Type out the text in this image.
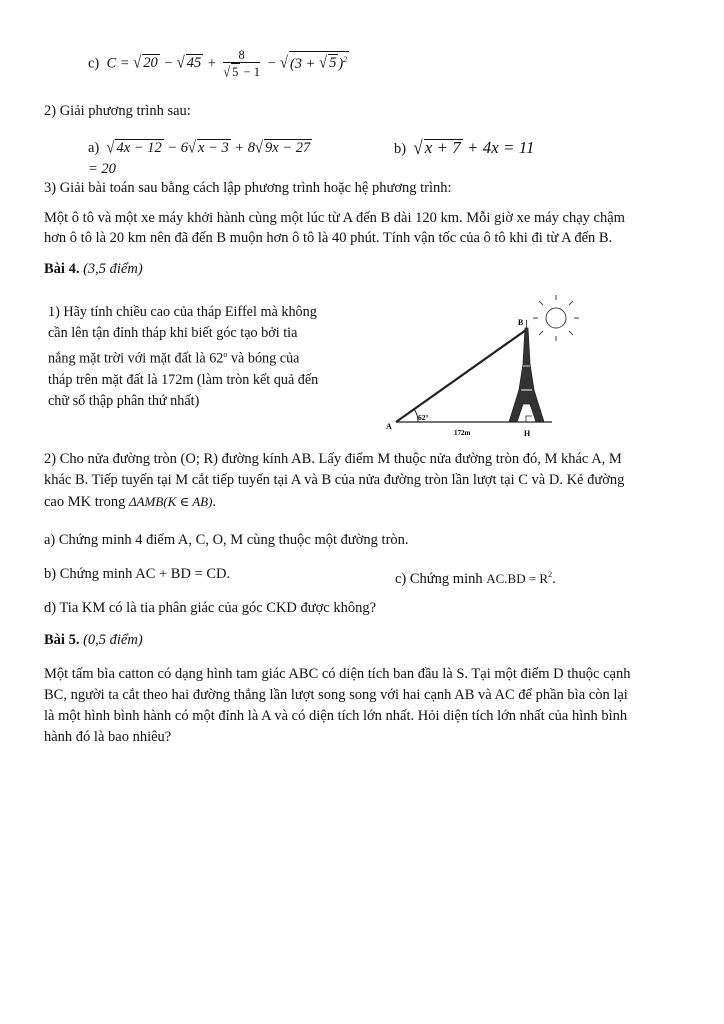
c) C = √ 20 − √ $45 + \frac{8}{√ 5 - 1}$ − √ (3 + √ 5 )$^2$
2) Giải phương trình sau:
a) √ 4x − 12 − 6√ x − 3 + 8√ 9x − 27 = 20
b) √ x + 7 + 4x = 11
3) Giải bài toán sau bằng cách lập phương trình hoặc hệ phương trình:
Một ô tô và một xe máy khởi hành cùng một lúc từ A đến B dài 120 km. Mỗi giờ xe máy chạy chậm
hơn ô tô là 20 km nên đã đến B muộn hơn ô tô là 40 phút. Tính vận tốc của ô tô khi đi từ A đến B.
Bài 4. (3,5 điểm)
1) Hãy tính chiều cao của tháp Eiffel mà không
cần lên tận đỉnh tháp khi biết góc tạo bởi tia
nắng mặt trời với mặt đất là 62$^o$ và bóng của
tháp trên mặt đất là 172m (làm tròn kết quả đến
chữ số thập phân thứ nhất)
B
A
H
62°
172m
2) Cho nửa đường tròn (O; R) đường kính AB. Lấy điểm M thuộc nửa đường tròn đó, M khác A, M
khác B. Tiếp tuyến tại M cắt tiếp tuyến tại A và B của nửa đường tròn lần lượt tại C và D. Kẻ đường
cao MK trong ΔAMB(K ∈ AB).
a) Chứng minh 4 điểm A, C, O, M cùng thuộc một đường tròn.
b) Chứng minh AC + BD = CD.	c) Chứng minh $AC.BD = R^2$.
d) Tia KM có là tia phân giác của góc CKD được không?
Bài 5. (0,5 điểm)
Một tấm bìa catton có dạng hình tam giác ABC có diện tích ban đầu là S. Tại một điểm D thuộc cạnh
BC, người ta cắt theo hai đường thẳng lần lượt song song với hai cạnh AB và AC để phần bìa còn lại
là một hình bình hành có một đỉnh là A và có diện tích lớn nhất. Hỏi diện tích lớn nhất của hình bình
hành đó là bao nhiêu?
